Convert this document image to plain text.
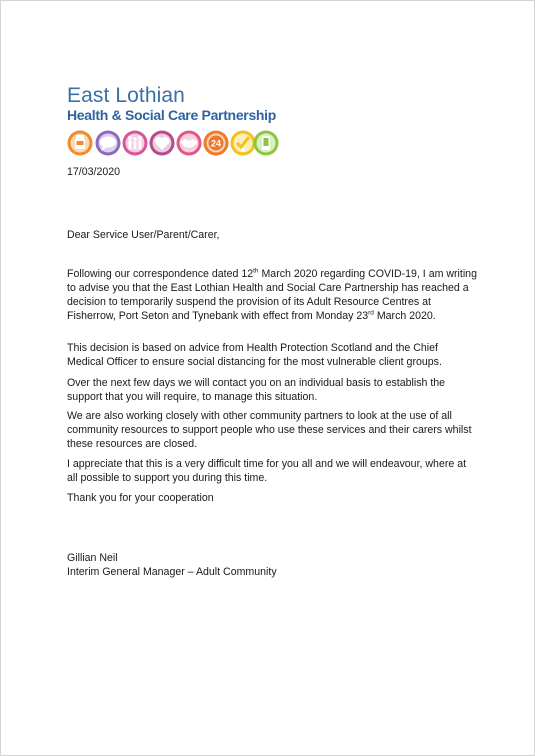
East Lothian
Health & Social Care Partnership
24
17/03/2020
Dear Service User/Parent/Carer,

Following our correspondence dated 12th March 2020 regarding COVID-19, I am writing to advise you that the East Lothian Health and Social Care Partnership has reached a decision to temporarily suspend the provision of its Adult Resource Centres at Fisherrow, Port Seton and Tynebank with effect from Monday 23rd March 2020.

This decision is based on advice from Health Protection Scotland and the Chief Medical Officer to ensure social distancing for the most vulnerable client groups.

Over the next few days we will contact you on an individual basis to establish the support that you will require, to manage this situation.

We are also working closely with other community partners to look at the use of all community resources to support people who use these services and their carers whilst these resources are closed.

I appreciate that this is a very difficult time for you all and we will endeavour, where at all possible to support you during this time.

Thank you for your cooperation
Gillian Neil
Interim General Manager – Adult Community
